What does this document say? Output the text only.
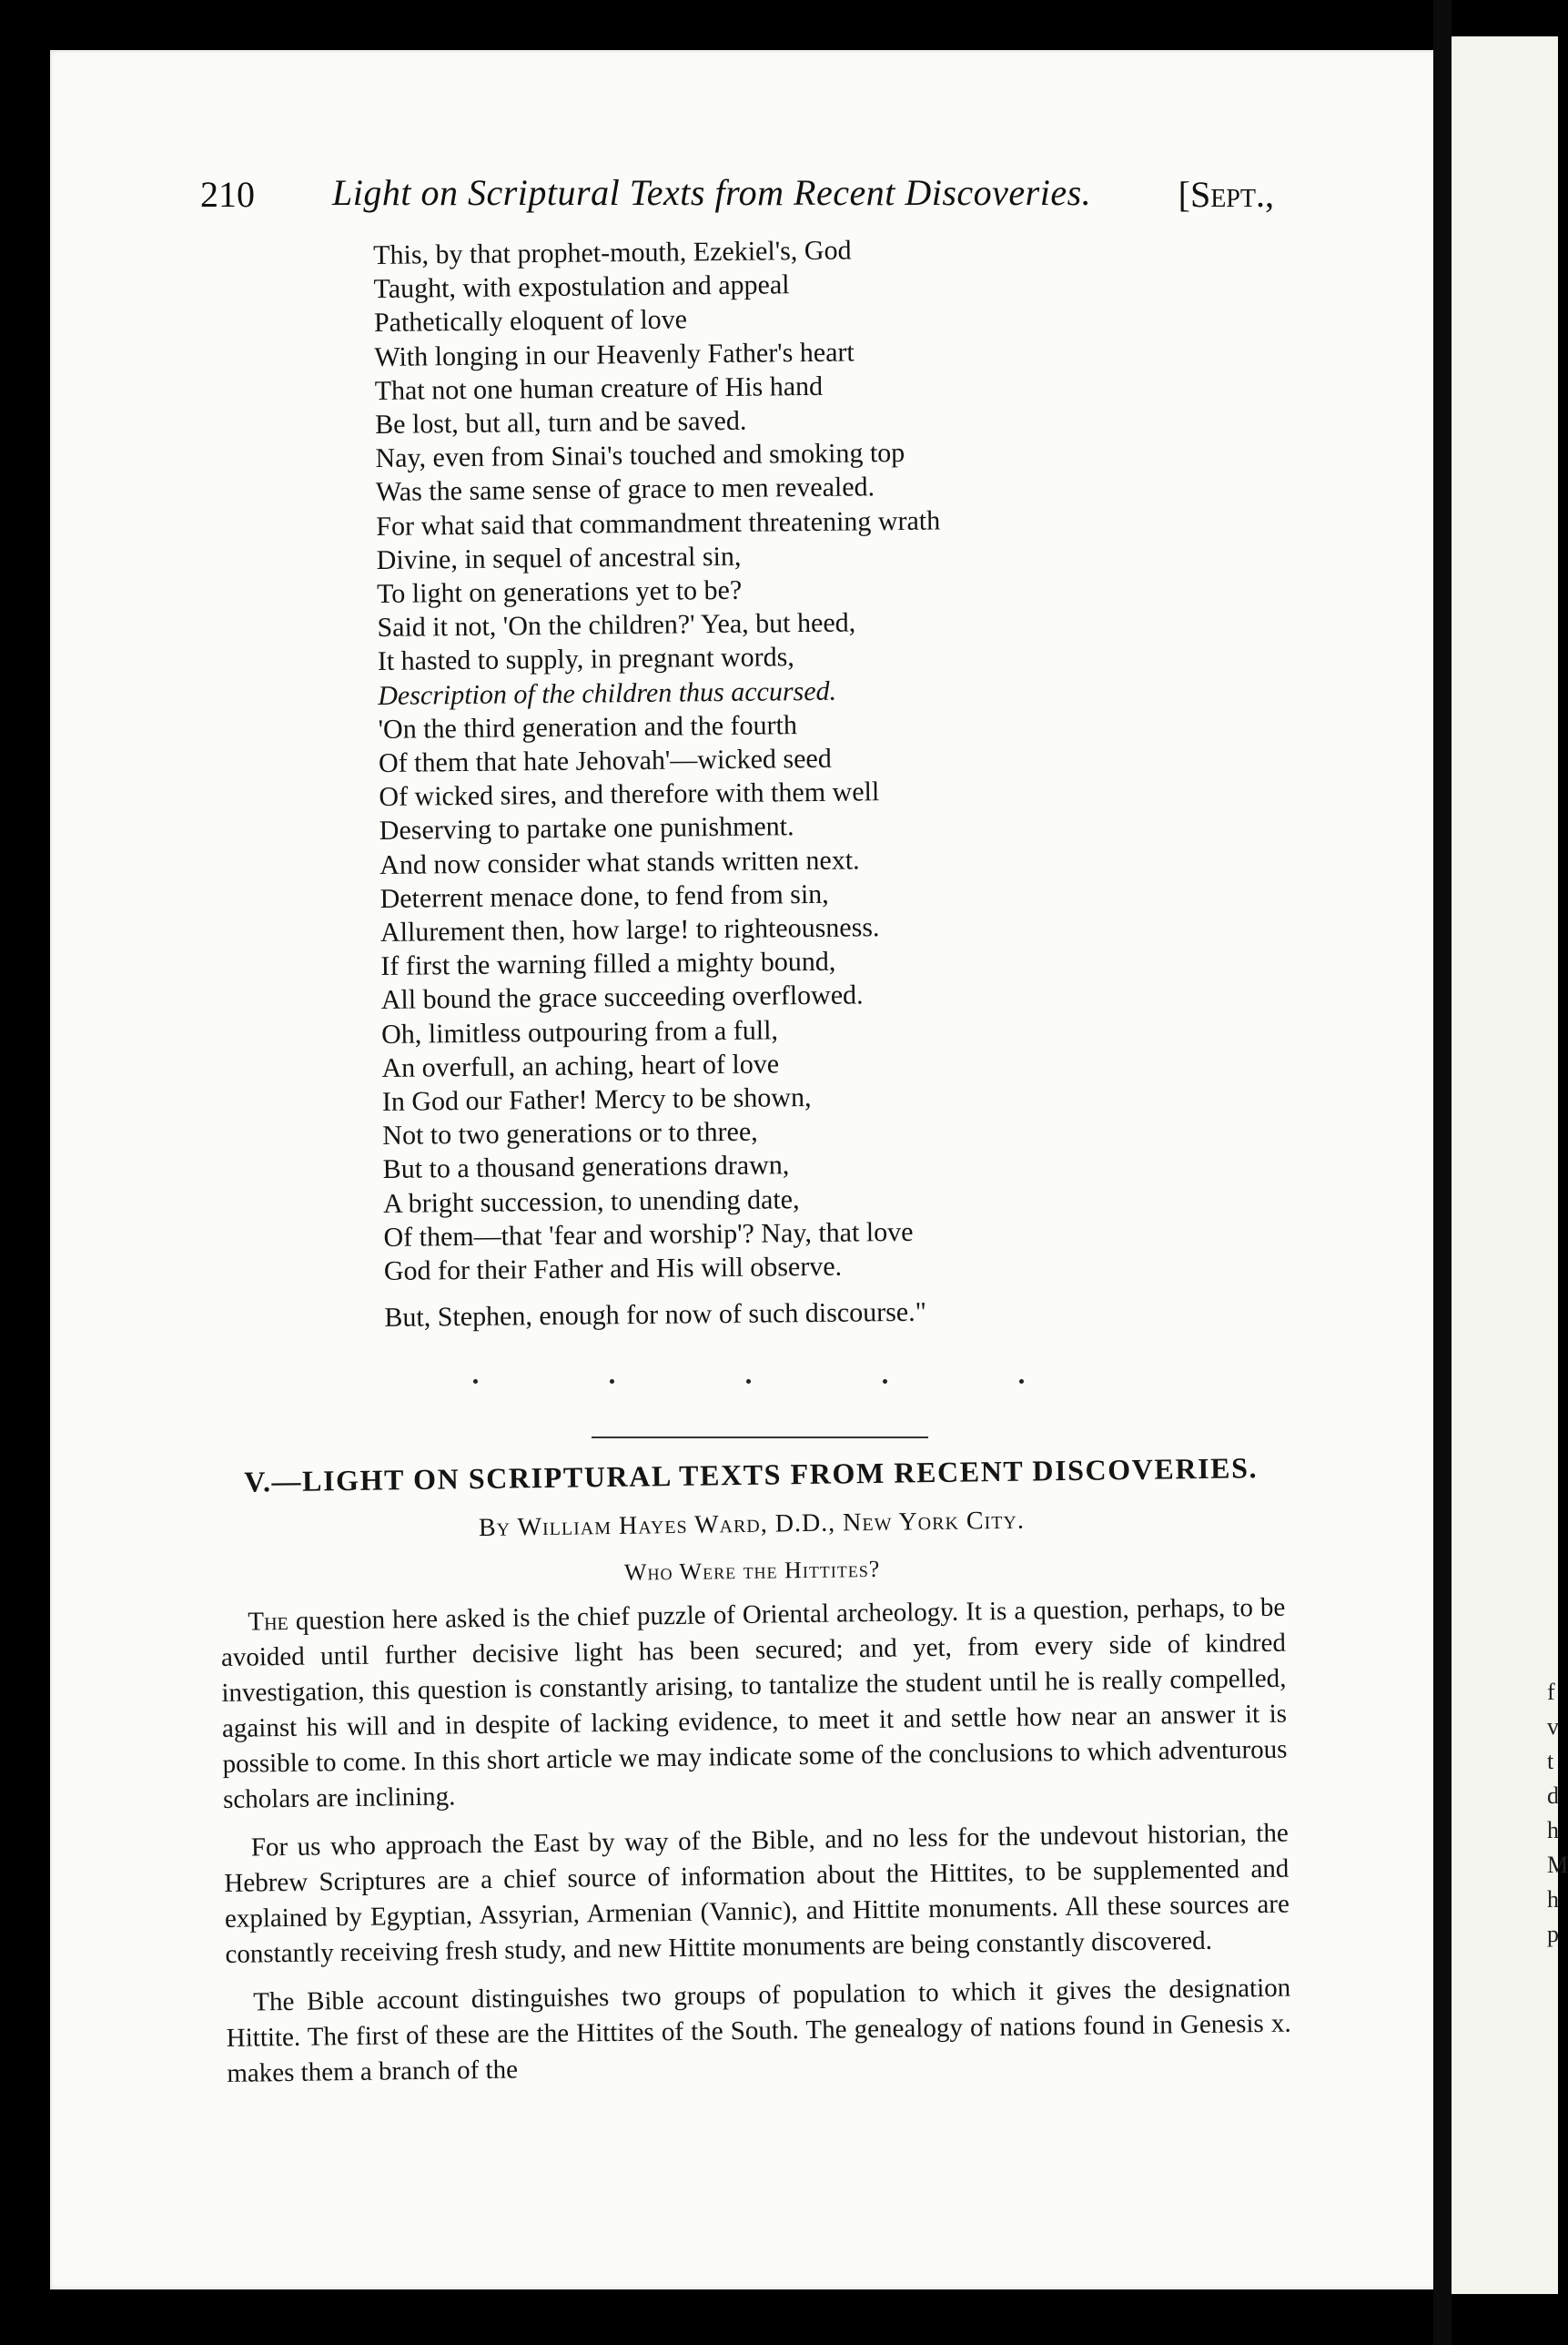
f
v
t
d
h
M
h
p
210 Light on Scriptural Texts from Recent Discoveries. [Sept.,
This, by that prophet-mouth, Ezekiel's, God
Taught, with expostulation and appeal
Pathetically eloquent of love
With longing in our Heavenly Father's heart
That not one human creature of His hand
Be lost, but all, turn and be saved.
Nay, even from Sinai's touched and smoking top
Was the same sense of grace to men revealed.
For what said that commandment threatening wrath
Divine, in sequel of ancestral sin,
To light on generations yet to be?
Said it not, 'On the children?' Yea, but heed,
It hasted to supply, in pregnant words,
Description of the children thus accursed.
'On the third generation and the fourth
Of them that hate Jehovah'—wicked seed
Of wicked sires, and therefore with them well
Deserving to partake one punishment.
And now consider what stands written next.
Deterrent menace done, to fend from sin,
Allurement then, how large! to righteousness.
If first the warning filled a mighty bound,
All bound the grace succeeding overflowed.
Oh, limitless outpouring from a full,
An overfull, an aching, heart of love
In God our Father! Mercy to be shown,
Not to two generations or to three,
But to a thousand generations drawn,
A bright succession, to unending date,
Of them—that 'fear and worship'? Nay, that love
God for their Father and His will observe.
But, Stephen, enough for now of such discourse."
V.—LIGHT ON SCRIPTURAL TEXTS FROM RECENT DISCOVERIES.
By William Hayes Ward, D.D., New York City.
Who Were the Hittites?

The question here asked is the chief puzzle of Oriental archeology. It is a question, perhaps, to be avoided until further decisive light has been secured; and yet, from every side of kindred investigation, this question is constantly arising, to tantalize the student until he is really compelled, against his will and in despite of lacking evidence, to meet it and settle how near an answer it is possible to come. In this short article we may indicate some of the conclusions to which adventurous scholars are inclining.

For us who approach the East by way of the Bible, and no less for the undevout historian, the Hebrew Scriptures are a chief source of information about the Hittites, to be supplemented and explained by Egyptian, Assyrian, Armenian (Vannic), and Hittite monuments. All these sources are constantly receiving fresh study, and new Hittite monuments are being constantly discovered.

The Bible account distinguishes two groups of population to which it gives the designation Hittite. The first of these are the Hittites of the South. The genealogy of nations found in Genesis x. makes them a branch of the
